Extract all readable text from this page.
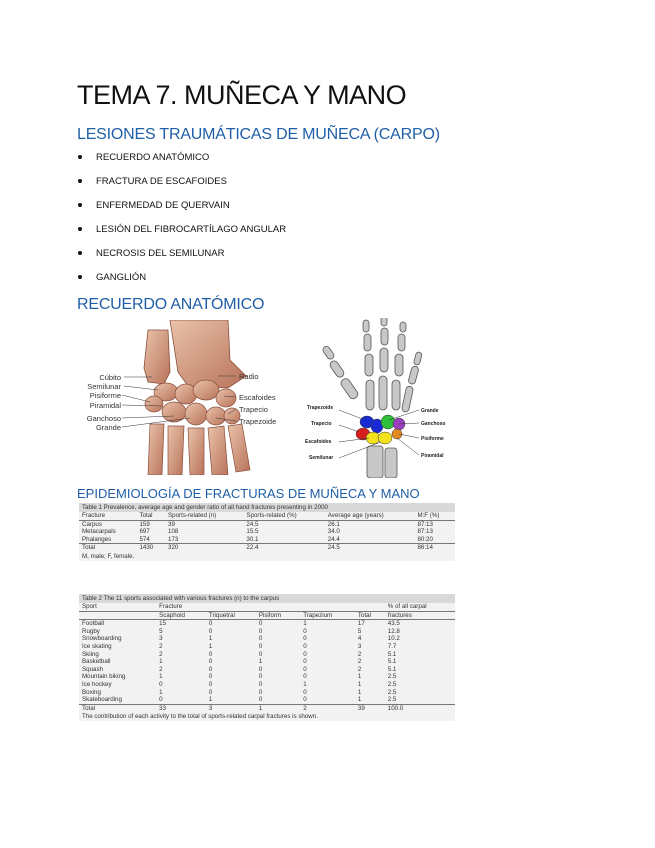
TEMA 7. MUÑECA Y MANO
LESIONES TRAUMÁTICAS DE MUÑECA (CARPO)
RECUERDO ANATÓMICO
FRACTURA DE ESCAFOIDES
ENFERMEDAD DE QUERVAIN
LESIÓN DEL FIBROCARTÍLAGO ANGULAR
NECROSIS DEL SEMILUNAR
GANGLIÓN
RECUERDO ANATÓMICO
Cúbito
Semilunar
Pisiforme
Piramidal
Ganchoso
Grande
Radio
Escafoides
Trapecio
Trapezoide
Trapezoide
Trapecio
Escafoides
Semilunar
Grande
Ganchoso
Pisiforme
Piramidal
EPIDEMIOLOGÍA DE FRACTURAS DE MUÑECA Y MANO
Table 1 Prevalence, average age and gender ratio of all hand fractures presenting in 2000
Fracture	Total	Sports-related (n)	Sports-related (%)	Average age (years)	M:F (%)
Carpus	159	39	24.5	26.1	87:13
Metacarpals	697	108	15.5	34.0	87:13
Phalanges	574	173	30.1	24.4	80:20
Total	1430	320	22.4	24.5	86:14
M, male; F, female.
Table 2 The 11 sports associated with various fractures (n) to the carpus
Sport	Fracture					% of all carpal
	Scaphoid	Triquetral	Pisiform	Trapezium	Total	fractures
Football	15	0	0	1	17	43.5
Rugby	5	0	0	0	5	12.8
Snowboarding	3	1	0	0	4	10.2
Ice skating	2	1	0	0	3	7.7
Skiing	2	0	0	0	2	5.1
Basketball	1	0	1	0	2	5.1
Squash	2	0	0	0	2	5.1
Mountain biking	1	0	0	0	1	2.5
Ice hockey	0	0	0	1	1	2.5
Boxing	1	0	0	0	1	2.5
Skateboarding	0	1	0	0	1	2.5
Total	33	3	1	2	39	100.0
The contribution of each activity to the total of sports-related carpal fractures is shown.
